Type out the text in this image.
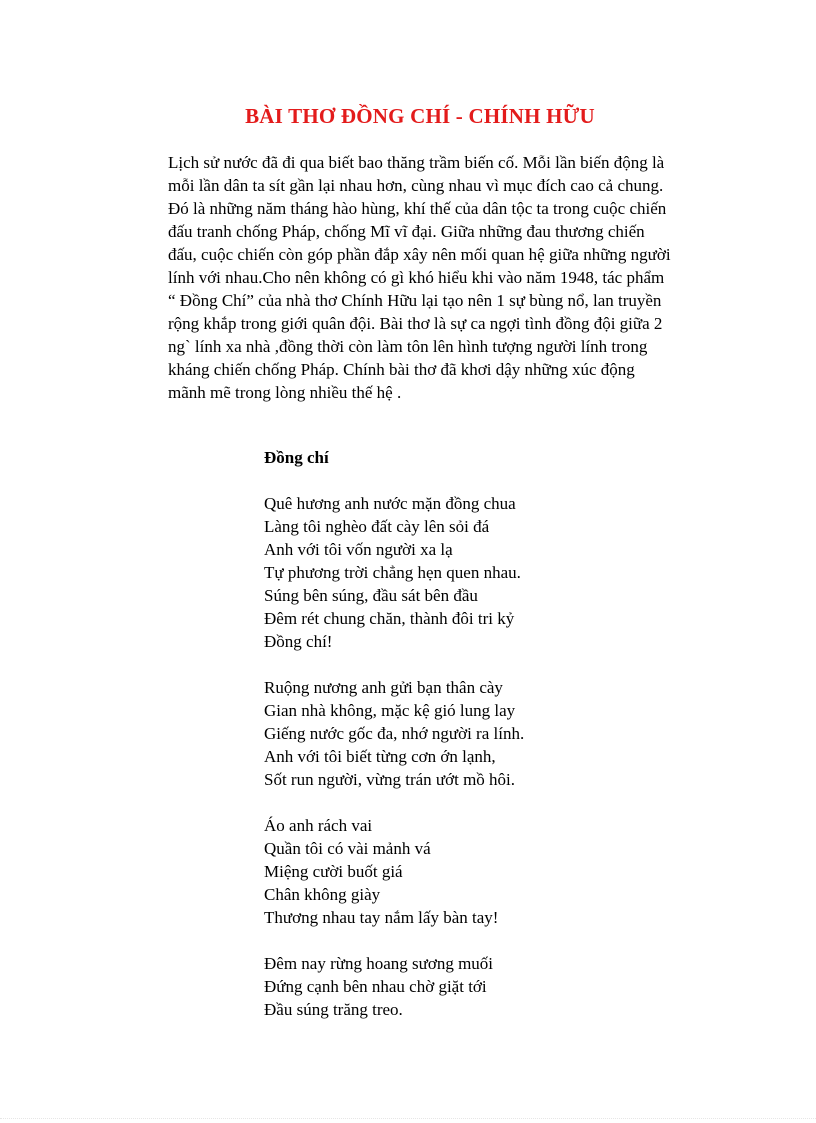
BÀI THƠ ĐỒNG CHÍ - CHÍNH HỮU

Lịch sử nước đã đi qua biết bao thăng trầm biến cố. Mỗi lần biến động là mỗi lần dân ta sít gần lại nhau hơn, cùng nhau vì mục đích cao cả chung. Đó là những năm tháng hào hùng, khí thế của dân tộc ta trong cuộc chiến đấu tranh chống Pháp, chống Mĩ vĩ đại. Giữa những đau thương chiến đấu, cuộc chiến còn góp phần đắp xây nên mối quan hệ giữa những người lính với nhau.Cho nên không có gì khó hiểu khi vào năm 1948, tác phẩm “ Đồng Chí” của nhà thơ Chính Hữu lại tạo nên 1 sự bùng nổ, lan truyền rộng khắp trong giới quân đội. Bài thơ là sự ca ngợi tình đồng đội giữa 2 ng` lính xa nhà ,đồng thời còn làm tôn lên hình tượng người lính trong kháng chiến chống Pháp. Chính bài thơ đã khơi dậy những xúc động mãnh mẽ trong lòng nhiều thế hệ .

Đồng chí
Quê hương anh nước mặn đồng chua
Làng tôi nghèo đất cày lên sỏi đá
Anh với tôi vốn người xa lạ
Tự phương trời chẳng hẹn quen nhau.
Súng bên súng, đầu sát bên đầu
Đêm rét chung chăn, thành đôi tri kỷ
Đồng chí!
Ruộng nương anh gửi bạn thân cày
Gian nhà không, mặc kệ gió lung lay
Giếng nước gốc đa, nhớ người ra lính.
Anh với tôi biết từng cơn ớn lạnh,
Sốt run người, vừng trán ướt mồ hôi.
Áo anh rách vai
Quần tôi có vài mảnh vá
Miệng cười buốt giá
Chân không giày
Thương nhau tay nắm lấy bàn tay!
Đêm nay rừng hoang sương muối
Đứng cạnh bên nhau chờ giặt tới
Đầu súng trăng treo.
